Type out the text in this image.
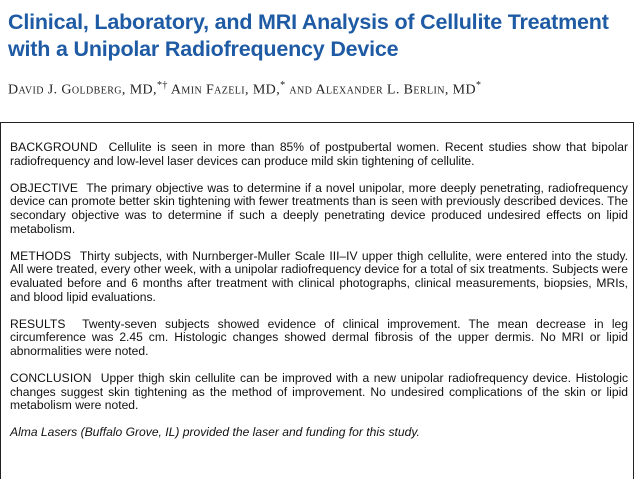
Clinical, Laboratory, and MRI Analysis of Cellulite Treatment with a Unipolar Radiofrequency Device
David J. Goldberg, MD,*† Amin Fazeli, MD,* and Alexander L. Berlin, MD*

BACKGROUND Cellulite is seen in more than 85% of postpubertal women. Recent studies show that bipolar radiofrequency and low-level laser devices can produce mild skin tightening of cellulite.

OBJECTIVE The primary objective was to determine if a novel unipolar, more deeply penetrating, radiofrequency device can promote better skin tightening with fewer treatments than is seen with previously described devices. The secondary objective was to determine if such a deeply penetrating device produced undesired effects on lipid metabolism.

METHODS Thirty subjects, with Nurnberger-Muller Scale III–IV upper thigh cellulite, were entered into the study. All were treated, every other week, with a unipolar radiofrequency device for a total of six treatments. Subjects were evaluated before and 6 months after treatment with clinical photographs, clinical measurements, biopsies, MRIs, and blood lipid evaluations.

RESULTS Twenty-seven subjects showed evidence of clinical improvement. The mean decrease in leg circumference was 2.45 cm. Histologic changes showed dermal fibrosis of the upper dermis. No MRI or lipid abnormalities were noted.

CONCLUSION Upper thigh skin cellulite can be improved with a new unipolar radiofrequency device. Histologic changes suggest skin tightening as the method of improvement. No undesired complications of the skin or lipid metabolism were noted.

Alma Lasers (Buffalo Grove, IL) provided the laser and funding for this study.
